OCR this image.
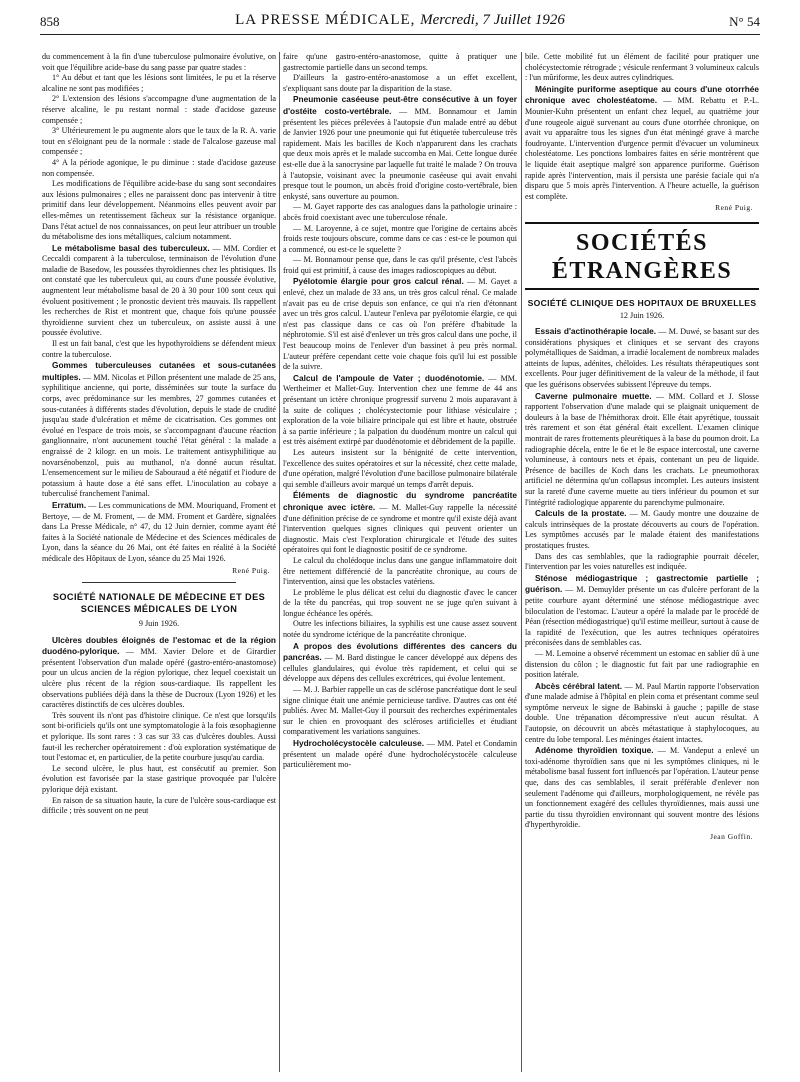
858	LA PRESSE MÉDICALE, Mercredi, 7 Juillet 1926	N° 54

du commencement à la fin d'une tuberculose pulmonaire évolutive, on voit que l'équilibre acide-base du sang passe par quatre stades :

1° Au début et tant que les lésions sont limitées, le pu et la réserve alcaline ne sont pas modifiées ;

2° L'extension des lésions s'accompagne d'une augmentation de la réserve alcaline, le pu restant normal : stade d'acidose gazeuse compensée ;

3° Ultérieurement le pu augmente alors que le taux de la R. A. varie tout en s'éloignant peu de la normale : stade de l'alcalose gazeuse mal compensée ;

4° A la période agonique, le pu diminue : stade d'acidose gazeuse non compensée.

Les modifications de l'équilibre acide-base du sang sont secondaires aux lésions pulmonaires ; elles ne paraissent donc pas intervenir à titre primitif dans leur développement. Néanmoins elles peuvent avoir par elles-mêmes un retentissement fâcheux sur la résistance organique. Dans l'état actuel de nos connaissances, on peut leur attribuer un trouble du métabolisme des ions métalliques, calcium notamment.

Le métabolisme basal des tuberculeux. — MM. Cordier et Ceccaldi comparent à la tuberculose, terminaison de l'évolution d'une maladie de Basedow, les poussées thyroïdiennes chez les phtisiques. Ils ont constaté que les tuberculeux qui, au cours d'une poussée évolutive, augmentent leur métabolisme basal de 20 à 30 pour 100 sont ceux qui évoluent positivement ; le pronostic devient très mauvais. Ils rappellent les recherches de Rist et montrent que, chaque fois qu'une poussée thyroïdienne survient chez un tuberculeux, on assiste aussi à une poussée évolutive.

Il est un fait banal, c'est que les hypothyroïdiens se défendent mieux contre la tuberculose.

Gommes tuberculeuses cutanées et sous-cutanées multiples. — MM. Nicolas et Pillon présentent une malade de 25 ans, syphilitique ancienne, qui porte, disséminées sur toute la surface du corps, avec prédominance sur les membres, 27 gommes cutanées et sous-cutanées à différents stades d'évolution, depuis le stade de crudité jusqu'au stade d'ulcération et même de cicatrisation. Ces gommes ont évolué en l'espace de trois mois, se s'accompagnant d'aucune réaction ganglionnaire, n'ont aucunement touché l'état général : la malade a engraissé de 2 kilogr. en un mois. Le traitement antisyphilitique au novarsénobenzol, puis au muthanol, n'a donné aucun résultat. L'ensemencement sur le milieu de Sabouraud a été négatif et l'iodure de potassium à haute dose a été sans effet. L'inoculation au cobaye a tuberculisé franchement l'animal.

Erratum. — Les communications de MM. Mouriquand, Froment et Bertoye, — de M. Froment, — de MM. Froment et Gardère, signalées dans La Presse Médicale, n° 47, du 12 Juin dernier, comme ayant été faites à la Société nationale de Médecine et des Sciences médicales de Lyon, dans la séance du 26 Mai, ont été faites en réalité à la Société médicale des Hôpitaux de Lyon, séance du 25 Mai 1926.

René Puig.
SOCIÉTÉ NATIONALE DE MÉDECINE ET DES SCIENCES MÉDICALES DE LYON
9 Juin 1926.

Ulcères doubles éloignés de l'estomac et de la région duodéno-pylorique. — MM. Xavier Delore et de Girardier présentent l'observation d'un malade opéré (gastro-entéro-anastomose) pour un ulcus ancien de la région pylorique, chez lequel coexistait un ulcère plus récent de la région sous-cardiaque. Ils rappellent les observations publiées déjà dans la thèse de Ducroux (Lyon 1926) et les caractères distinctifs de ces ulcères doubles.

Très souvent ils n'ont pas d'histoire clinique. Ce n'est que lorsqu'ils sont bi-orificiels qu'ils ont une symptomatologie à la fois œsophagienne et pylorique. Ils sont rares : 3 cas sur 33 cas d'ulcères doubles. Aussi faut-il les rechercher opératoirement : d'où exploration systématique de tout l'estomac et, en particulier, de la petite courbure jusqu'au cardia.

Le second ulcère, le plus haut, est consécutif au premier. Son évolution est favorisée par la stase gastrique provoquée par l'ulcère pylorique déjà existant.

En raison de sa situation haute, la cure de l'ulcère sous-cardiaque est difficile ; très souvent on ne peut

faire qu'une gastro-entéro-anastomose, quitte à pratiquer une gastrectomie partielle dans un second temps.

D'ailleurs la gastro-entéro-anastomose a un effet excellent, s'expliquant sans doute par la disparition de la stase.

Pneumonie caséeuse peut-être consécutive à un foyer d'ostéite costo-vertébrale. — MM. Bonnamour et Jamin présentent les pièces prélevées à l'autopsie d'un malade entré au début de Janvier 1926 pour une pneumonie qui fut étiquetée tuberculeuse très rapidement. Mais les bacilles de Koch n'apparurent dans les crachats que deux mois après et le malade succomba en Mai. Cette longue durée est-elle due à la sanocrysine par laquelle fut traité le malade ? On trouva à l'autopsie, voisinant avec la pneumonie caséeuse qui avait envahi presque tout le poumon, un abcès froid d'origine costo-vertébrale, bien enkysté, sans ouverture au poumon.

— M. Gayet rapporte des cas analogues dans la pathologie urinaire : abcès froid coexistant avec une tuberculose rénale.

— M. Laroyenne, à ce sujet, montre que l'origine de certains abcès froids reste toujours obscure, comme dans ce cas : est-ce le poumon qui a commencé, ou est-ce le squelette ?

— M. Bonnamour pense que, dans le cas qu'il présente, c'est l'abcès froid qui est primitif, à cause des images radioscopiques au début.

Pyélotomie élargie pour gros calcul rénal. — M. Gayet a enlevé, chez un malade de 33 ans, un très gros calcul rénal. Ce malade n'avait pas eu de crise depuis son enfance, ce qui n'a rien d'étonnant avec un très gros calcul. L'auteur l'enleva par pyélotomie élargie, ce qui n'est pas classique dans ce cas où l'on préfère d'habitude la néphrotomie. S'il est aisé d'enlever un très gros calcul dans une poche, il l'est beaucoup moins de l'enlever d'un bassinet à peu près normal. L'auteur préfère cependant cette voie chaque fois qu'il lui est possible de la suivre.

Calcul de l'ampoule de Vater ; duodénotomie. — MM. Wertheimer et Mallet-Guy. Intervention chez une femme de 44 ans présentant un ictère chronique progressif survenu 2 mois auparavant à la suite de coliques ; cholécystectomie pour lithiase vésiculaire ; exploration de la voie biliaire principale qui est libre et haute, obstruée à sa partie inférieure ; la palpation du duodénum montre un calcul qui est très aisément extirpé par duodénotomie et débridement de la papille.

Les auteurs insistent sur la bénignité de cette intervention, l'excellence des suites opératoires et sur la nécessité, chez cette malade, d'une opération, malgré l'évolution d'une bacillose pulmonaire bilatérale qui semble d'ailleurs avoir marqué un temps d'arrêt depuis.

Éléments de diagnostic du syndrome pancréatite chronique avec ictère. — M. Mallet-Guy rappelle la nécessité d'une définition précise de ce syndrome et montre qu'il existe déjà avant l'intervention quelques signes cliniques qui peuvent orienter un diagnostic. Mais c'est l'exploration chirurgicale et l'étude des suites opératoires qui font le diagnostic positif de ce syndrome.

Le calcul du cholédoque inclus dans une gangue inflammatoire doit être nettement différencié de la pancréatite chronique, au cours de l'intervention, ainsi que les obstacles vatériens.

Le problème le plus délicat est celui du diagnostic d'avec le cancer de la tête du pancréas, qui trop souvent ne se juge qu'en suivant à longue échéance les opérés.

Outre les infections biliaires, la syphilis est une cause assez souvent notée du syndrome ictérique de la pancréatite chronique.

A propos des évolutions différentes des cancers du pancréas. — M. Bard distingue le cancer développé aux dépens des cellules glandulaires, qui évolue très rapidement, et celui qui se développe aux dépens des cellules excrétrices, qui évolue lentement.

— M. J. Barbier rappelle un cas de sclérose pancréatique dont le seul signe clinique était une anémie pernicieuse tardive. D'autres cas ont été publiés. Avec M. Mallet-Guy il poursuit des recherches expérimentales sur le chien en provoquant des scléroses artificielles et étudiant comparativement les variations sanguines.

Hydrocholécystocèle calculeuse. — MM. Patel et Condamin présentent un malade opéré d'une hydrocholécystocèle calculeuse particulièrement mo-

bile. Cette mobilité fut un élément de facilité pour pratiquer une cholécystectomie rétrograde ; vésicule renfermant 3 volumineux calculs : l'un mûriforme, les deux autres cylindriques.

Méningite puriforme aseptique au cours d'une otorrhée chronique avec cholestéatome. — MM. Rebattu et P.-L. Mounier-Kuhn présentent un enfant chez lequel, au quatrième jour d'une rougeole aiguë survenant au cours d'une otorrhée chronique, on avait vu apparaître tous les signes d'un état méningé grave à marche foudroyante. L'intervention d'urgence permit d'évacuer un volumineux cholestéatome. Les ponctions lombaires faites en série montrèrent que le liquide était aseptique malgré son apparence puriforme. Guérison rapide après l'intervention, mais il persista une parésie faciale qui n'a disparu que 5 mois après l'intervention. A l'heure actuelle, la guérison est complète.

René Puig.
SOCIÉTÉS ÉTRANGÈRES
SOCIÉTÉ CLINIQUE DES HOPITAUX DE BRUXELLES
12 Juin 1926.

Essais d'actinothérapie locale. — M. Duwé, se basant sur des considérations physiques et cliniques et se servant des crayons polymétalliques de Saidman, a irradié localement de nombreux malades atteints de lupus, adénites, chéloïdes. Les résultats thérapeutiques sont excellents. Pour juger définitivement de la valeur de la méthode, il faut que les guérisons observées subissent l'épreuve du temps.

Caverne pulmonaire muette. — MM. Collard et J. Slosse rapportent l'observation d'une malade qui se plaignait uniquement de douleurs à la base de l'hémithorax droit. Elle était apyrétique, toussait très rarement et son état général était excellent. L'examen clinique montrait de rares frottements pleurétiques à la base du poumon droit. La radiographie décela, entre le 6e et le 8e espace intercostal, une caverne volumineuse, à contours nets et épais, contenant un peu de liquide. Présence de bacilles de Koch dans les crachats. Le pneumothorax artificiel ne détermina qu'un collapsus incomplet. Les auteurs insistent sur la rareté d'une caverne muette au tiers inférieur du poumon et sur l'intégrité radiologique apparente du parenchyme pulmonaire.

Calculs de la prostate. — M. Gaudy montre une douzaine de calculs intrinsèques de la prostate découverts au cours de l'opération. Les symptômes accusés par le malade étaient des manifestations prostatiques frustes.

Dans des cas semblables, que la radiographie pourrait déceler, l'intervention par les voies naturelles est indiquée.

Sténose médiogastrique ; gastrectomie partielle ; guérison. — M. Demuylder présente un cas d'ulcère perforant de la petite courbure ayant déterminé une sténose médiogastrique avec biloculation de l'estomac. L'auteur a opéré la malade par le procédé de Péan (résection médiogastrique) qu'il estime meilleur, surtout à cause de la rapidité de l'exécution, que les autres techniques opératoires préconisées dans de semblables cas.

— M. Lemoine a observé récemment un estomac en sablier dû à une distension du côlon ; le diagnostic fut fait par une radiographie en position latérale.

Abcès cérébral latent. — M. Paul Martin rapporte l'observation d'une malade admise à l'hôpital en plein coma et présentant comme seul symptôme nerveux le signe de Babinski à gauche ; papille de stase double. Une trépanation décompressive n'eut aucun résultat. A l'autopsie, on découvrit un abcès métastatique à staphylocoques, au centre du lobe temporal. Les méninges étaient intactes.

Adénome thyroïdien toxique. — M. Vandeput a enlevé un toxi-adénome thyroïdien sans que ni les symptômes cliniques, ni le métabolisme basal fussent fort influencés par l'opération. L'auteur pense que, dans des cas semblables, il serait préférable d'enlever non seulement l'adénome qui d'ailleurs, morphologiquement, ne révèle pas un fonctionnement exagéré des cellules thyroïdiennes, mais aussi une partie du tissu thyroïdien environnant qui souvent montre des lésions d'hyperthyroïdie.

Jean Goffin.
